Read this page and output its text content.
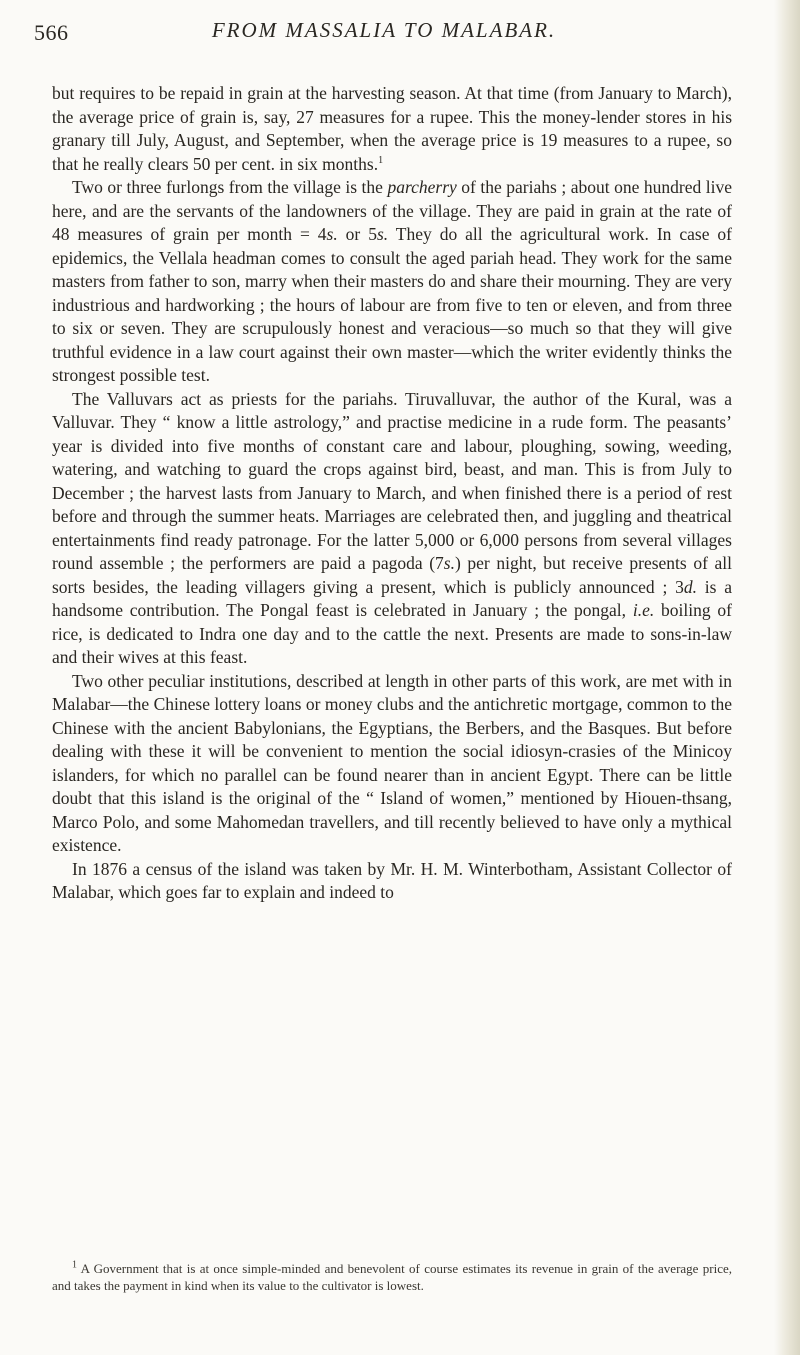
566	FROM MASSALIA TO MALABAR.

but requires to be repaid in grain at the harvesting season. At that time (from January to March), the average price of grain is, say, 27 measures for a rupee. This the money-lender stores in his granary till July, August, and September, when the average price is 19 measures to a rupee, so that he really clears 50 per cent. in six months.$^1$

Two or three furlongs from the village is the parcherry of the pariahs ; about one hundred live here, and are the servants of the landowners of the village. They are paid in grain at the rate of 48 measures of grain per month = 4s. or 5s. They do all the agricultural work. In case of epidemics, the Vellala headman comes to consult the aged pariah head. They work for the same masters from father to son, marry when their masters do and share their mourning. They are very industrious and hardworking ; the hours of labour are from five to ten or eleven, and from three to six or seven. They are scrupulously honest and veracious—so much so that they will give truthful evidence in a law court against their own master—which the writer evidently thinks the strongest possible test.

The Valluvars act as priests for the pariahs. Tiruvalluvar, the author of the Kural, was a Valluvar. They “ know a little astrology,” and practise medicine in a rude form. The peasants’ year is divided into five months of constant care and labour, ploughing, sowing, weeding, watering, and watching to guard the crops against bird, beast, and man. This is from July to December ; the harvest lasts from January to March, and when finished there is a period of rest before and through the summer heats. Marriages are celebrated then, and juggling and theatrical entertainments find ready patronage. For the latter 5,000 or 6,000 persons from several villages round assemble ; the performers are paid a pagoda (7s.) per night, but receive presents of all sorts besides, the leading villagers giving a present, which is publicly announced ; 3d. is a handsome contribution. The Pongal feast is celebrated in January ; the pongal, i.e. boiling of rice, is dedicated to Indra one day and to the cattle the next. Presents are made to sons-in-law and their wives at this feast.

Two other peculiar institutions, described at length in other parts of this work, are met with in Malabar—the Chinese lottery loans or money clubs and the antichretic mortgage, common to the Chinese with the ancient Babylonians, the Egyptians, the Berbers, and the Basques. But before dealing with these it will be convenient to mention the social idiosyn-crasies of the Minicoy islanders, for which no parallel can be found nearer than in ancient Egypt. There can be little doubt that this island is the original of the “ Island of women,” mentioned by Hiouen-thsang, Marco Polo, and some Mahomedan travellers, and till recently believed to have only a mythical existence.

In 1876 a census of the island was taken by Mr. H. M. Winterbotham, Assistant Collector of Malabar, which goes far to explain and indeed to

$^1$ A Government that is at once simple-minded and benevolent of course estimates its revenue in grain of the average price, and takes the payment in kind when its value to the cultivator is lowest.
